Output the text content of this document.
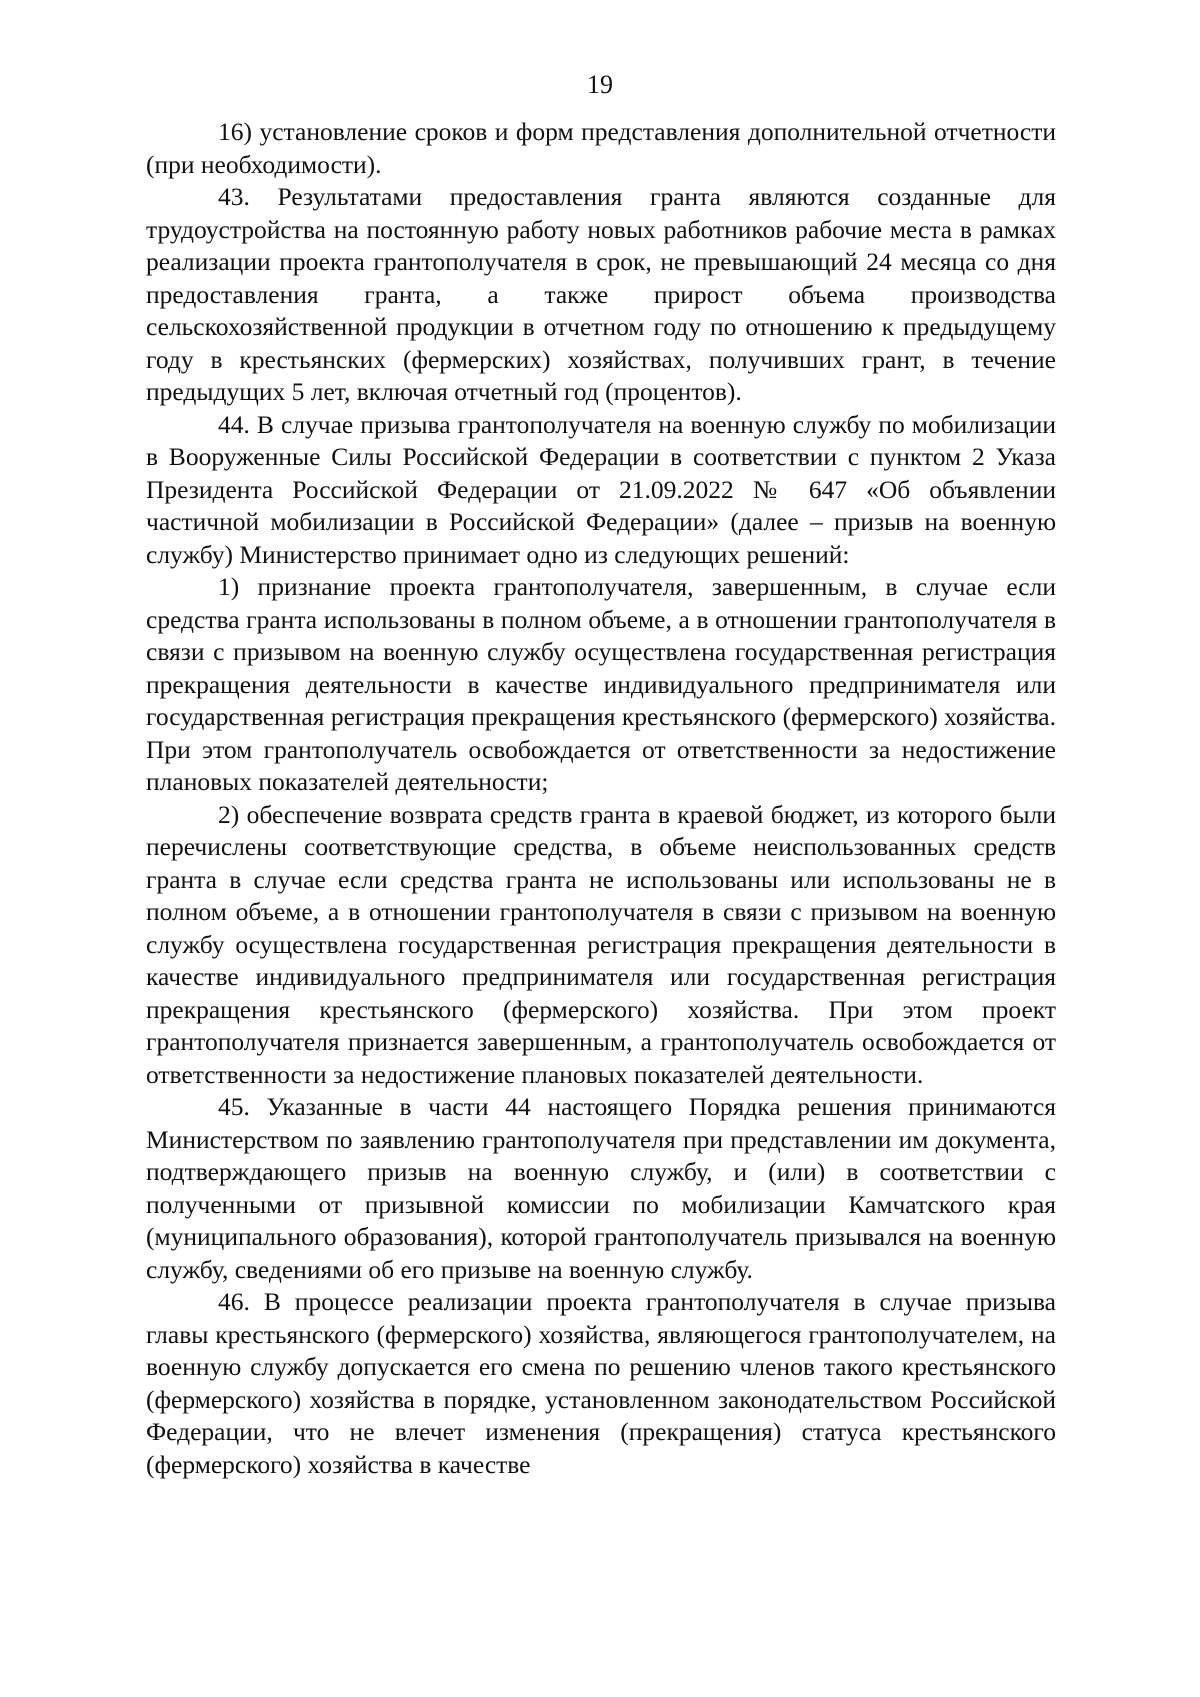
19

16) установление сроков и форм представления дополнительной отчетности (при необходимости).

43. Результатами предоставления гранта являются созданные для трудоустройства на постоянную работу новых работников рабочие места в рамках реализации проекта грантополучателя в срок, не превышающий 24 месяца со дня предоставления гранта, а также прирост объема производства сельскохозяйственной продукции в отчетном году по отношению к предыдущему году в крестьянских (фермерских) хозяйствах, получивших грант, в течение предыдущих 5 лет, включая отчетный год (процентов).

44. В случае призыва грантополучателя на военную службу по мобилизации в Вооруженные Силы Российской Федерации в соответствии с пунктом 2 Указа Президента Российской Федерации от 21.09.2022 № 647 «Об объявлении частичной мобилизации в Российской Федерации» (далее – призыв на военную службу) Министерство принимает одно из следующих решений:

1) признание проекта грантополучателя, завершенным, в случае если средства гранта использованы в полном объеме, а в отношении грантополучателя в связи с призывом на военную службу осуществлена государственная регистрация прекращения деятельности в качестве индивидуального предпринимателя или государственная регистрация прекращения крестьянского (фермерского) хозяйства. При этом грантополучатель освобождается от ответственности за недостижение плановых показателей деятельности;

2) обеспечение возврата средств гранта в краевой бюджет, из которого были перечислены соответствующие средства, в объеме неиспользованных средств гранта в случае если средства гранта не использованы или использованы не в полном объеме, а в отношении грантополучателя в связи с призывом на военную службу осуществлена государственная регистрация прекращения деятельности в качестве индивидуального предпринимателя или государственная регистрация прекращения крестьянского (фермерского) хозяйства. При этом проект грантополучателя признается завершенным, а грантополучатель освобождается от ответственности за недостижение плановых показателей деятельности.

45. Указанные в части 44 настоящего Порядка решения принимаются Министерством по заявлению грантополучателя при представлении им документа, подтверждающего призыв на военную службу, и (или) в соответствии с полученными от призывной комиссии по мобилизации Камчатского края (муниципального образования), которой грантополучатель призывался на военную службу, сведениями об его призыве на военную службу.

46. В процессе реализации проекта грантополучателя в случае призыва главы крестьянского (фермерского) хозяйства, являющегося грантополучателем, на военную службу допускается его смена по решению членов такого крестьянского (фермерского) хозяйства в порядке, установленном законодательством Российской Федерации, что не влечет изменения (прекращения) статуса крестьянского (фермерского) хозяйства в качестве
